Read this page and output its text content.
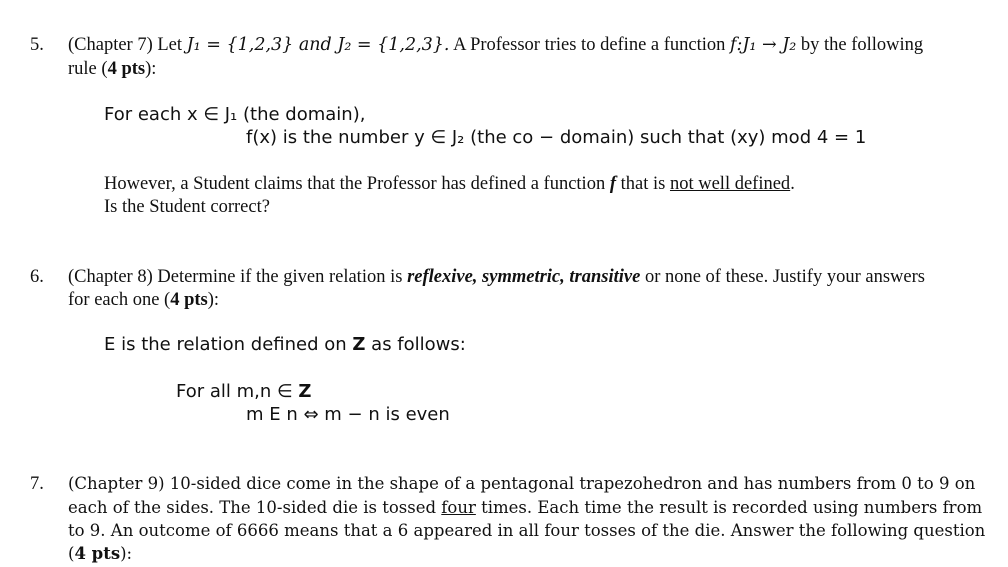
5. (Chapter 7) Let J₁ = {1,2,3} and J₂ = {1,2,3}. A Professor tries to define a function f:J₁ → J₂ by the following
rule (4 pts):
For each x ∈ J₁ (the domain),
f(x) is the number y ∈ J₂ (the co − domain) such that (xy) mod 4 = 1
However, a Student claims that the Professor has defined a function f that is not well defined.
Is the Student correct?
6. (Chapter 8) Determine if the given relation is reflexive, symmetric, transitive or none of these. Justify your answers
for each one (4 pts):
E is the relation defined on Z as follows:
For all m,n ∈ Z
m E n ⇔ m − n is even
7. (Chapter 9) 10-sided dice come in the shape of a pentagonal trapezohedron and has numbers from 0 to 9 on
each of the sides. The 10-sided die is tossed four times. Each time the result is recorded using numbers from
to 9. An outcome of 6666 means that a 6 appeared in all four tosses of the die. Answer the following question
(4 pts):
